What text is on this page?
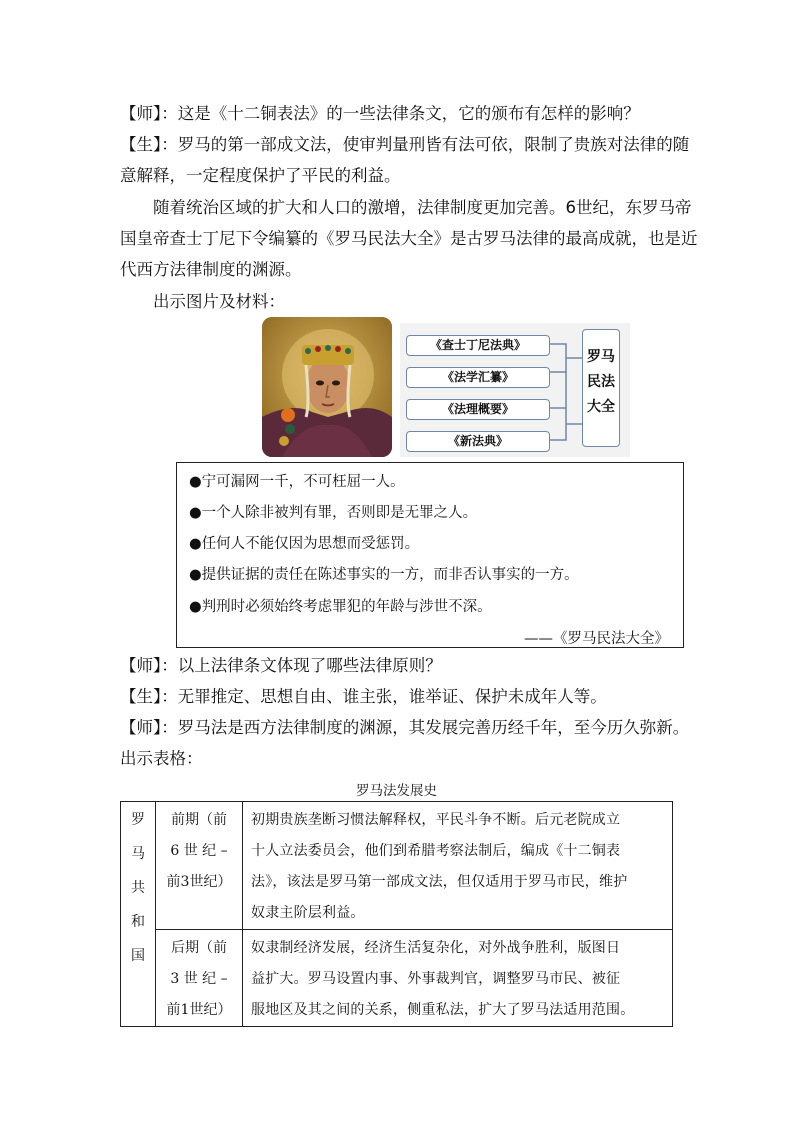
【师】：这是《十二铜表法》的一些法律条文，它的颁布有怎样的影响？
【生】：罗马的第一部成文法，使审判量刑皆有法可依，限制了贵族对法律的随
意解释，一定程度保护了平民的利益。
随着统治区域的扩大和人口的激增，法律制度更加完善。6世纪，东罗马帝
国皇帝查士丁尼下令编纂的《罗马民法大全》是古罗马法律的最高成就，也是近
代西方法律制度的渊源。
出示图片及材料：
《查士丁尼法典》
《法学汇纂》
《法理概要》
《新法典》
罗马
民法
大全
●宁可漏网一千，不可枉屈一人。
●一个人除非被判有罪，否则即是无罪之人。
●任何人不能仅因为思想而受惩罚。
●提供证据的责任在陈述事实的一方，而非否认事实的一方。
●判刑时必须始终考虑罪犯的年龄与涉世不深。
——《罗马民法大全》
【师】：以上法律条文体现了哪些法律原则？
【生】：无罪推定、思想自由、谁主张，谁举证、保护未成年人等。
【师】：罗马法是西方法律制度的渊源，其发展完善历经千年，至今历久弥新。
出示表格：
罗马法发展史
罗
马
共
和
国	前期（前
6 世 纪 –
前3世纪）	初期贵族垄断习惯法解释权，平民斗争不断。后元老院成立
十人立法委员会，他们到希腊考察法制后，编成《十二铜表
法》，该法是罗马第一部成文法，但仅适用于罗马市民，维护
奴隶主阶层利益。

	后期（前
3 世 纪 –
前1世纪）	奴隶制经济发展，经济生活复杂化，对外战争胜利，版图日
益扩大。罗马设置内事、外事裁判官，调整罗马市民、被征
服地区及其之间的关系，侧重私法，扩大了罗马法适用范围。
